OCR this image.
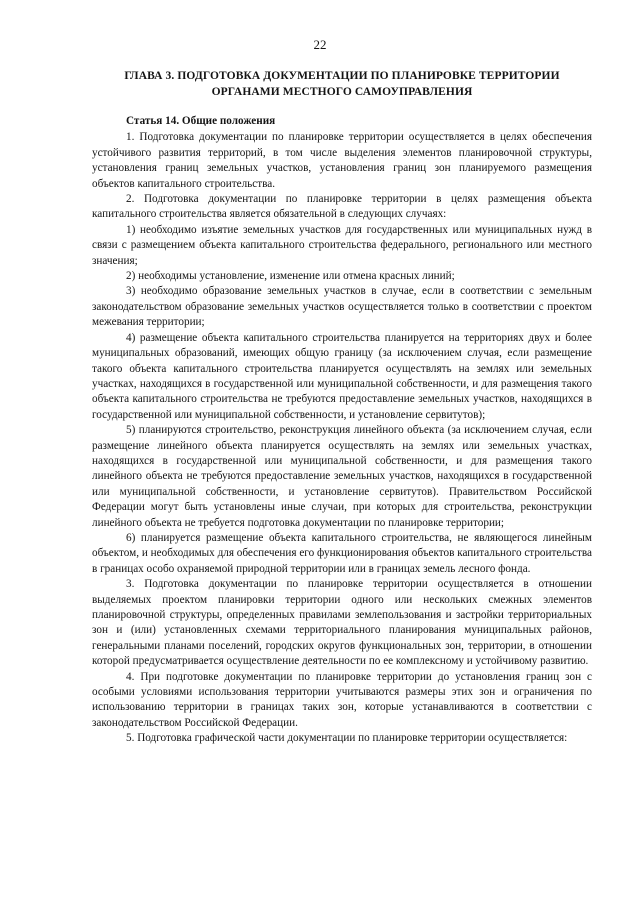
22
ГЛАВА 3. ПОДГОТОВКА ДОКУМЕНТАЦИИ ПО ПЛАНИРОВКЕ ТЕРРИТОРИИ ОРГАНАМИ МЕСТНОГО САМОУПРАВЛЕНИЯ
Статья 14. Общие положения

1. Подготовка документации по планировке территории осуществляется в целях обеспечения устойчивого развития территорий, в том числе выделения элементов планировочной структуры, установления границ земельных участков, установления границ зон планируемого размещения объектов капитального строительства.

2. Подготовка документации по планировке территории в целях размещения объекта капитального строительства является обязательной в следующих случаях:

1) необходимо изъятие земельных участков для государственных или муниципальных нужд в связи с размещением объекта капитального строительства федерального, регионального или местного значения;

2) необходимы установление, изменение или отмена красных линий;

3) необходимо образование земельных участков в случае, если в соответствии с земельным законодательством образование земельных участков осуществляется только в соответствии с проектом межевания территории;

4) размещение объекта капитального строительства планируется на территориях двух и более муниципальных образований, имеющих общую границу (за исключением случая, если размещение такого объекта капитального строительства планируется осуществлять на землях или земельных участках, находящихся в государственной или муниципальной собственности, и для размещения такого объекта капитального строительства не требуются предоставление земельных участков, находящихся в государственной или муниципальной собственности, и установление сервитутов);

5) планируются строительство, реконструкция линейного объекта (за исключением случая, если размещение линейного объекта планируется осуществлять на землях или земельных участках, находящихся в государственной или муниципальной собственности, и для размещения такого линейного объекта не требуются предоставление земельных участков, находящихся в государственной или муниципальной собственности, и установление сервитутов). Правительством Российской Федерации могут быть установлены иные случаи, при которых для строительства, реконструкции линейного объекта не требуется подготовка документации по планировке территории;

6) планируется размещение объекта капитального строительства, не являющегося линейным объектом, и необходимых для обеспечения его функционирования объектов капитального строительства в границах особо охраняемой природной территории или в границах земель лесного фонда.

3. Подготовка документации по планировке территории осуществляется в отношении выделяемых проектом планировки территории одного или нескольких смежных элементов планировочной структуры, определенных правилами землепользования и застройки территориальных зон и (или) установленных схемами территориального планирования муниципальных районов, генеральными планами поселений, городских округов функциональных зон, территории, в отношении которой предусматривается осуществление деятельности по ее комплексному и устойчивому развитию.

4. При подготовке документации по планировке территории до установления границ зон с особыми условиями использования территории учитываются размеры этих зон и ограничения по использованию территории в границах таких зон, которые устанавливаются в соответствии с законодательством Российской Федерации.

5. Подготовка графической части документации по планировке территории осуществляется:
